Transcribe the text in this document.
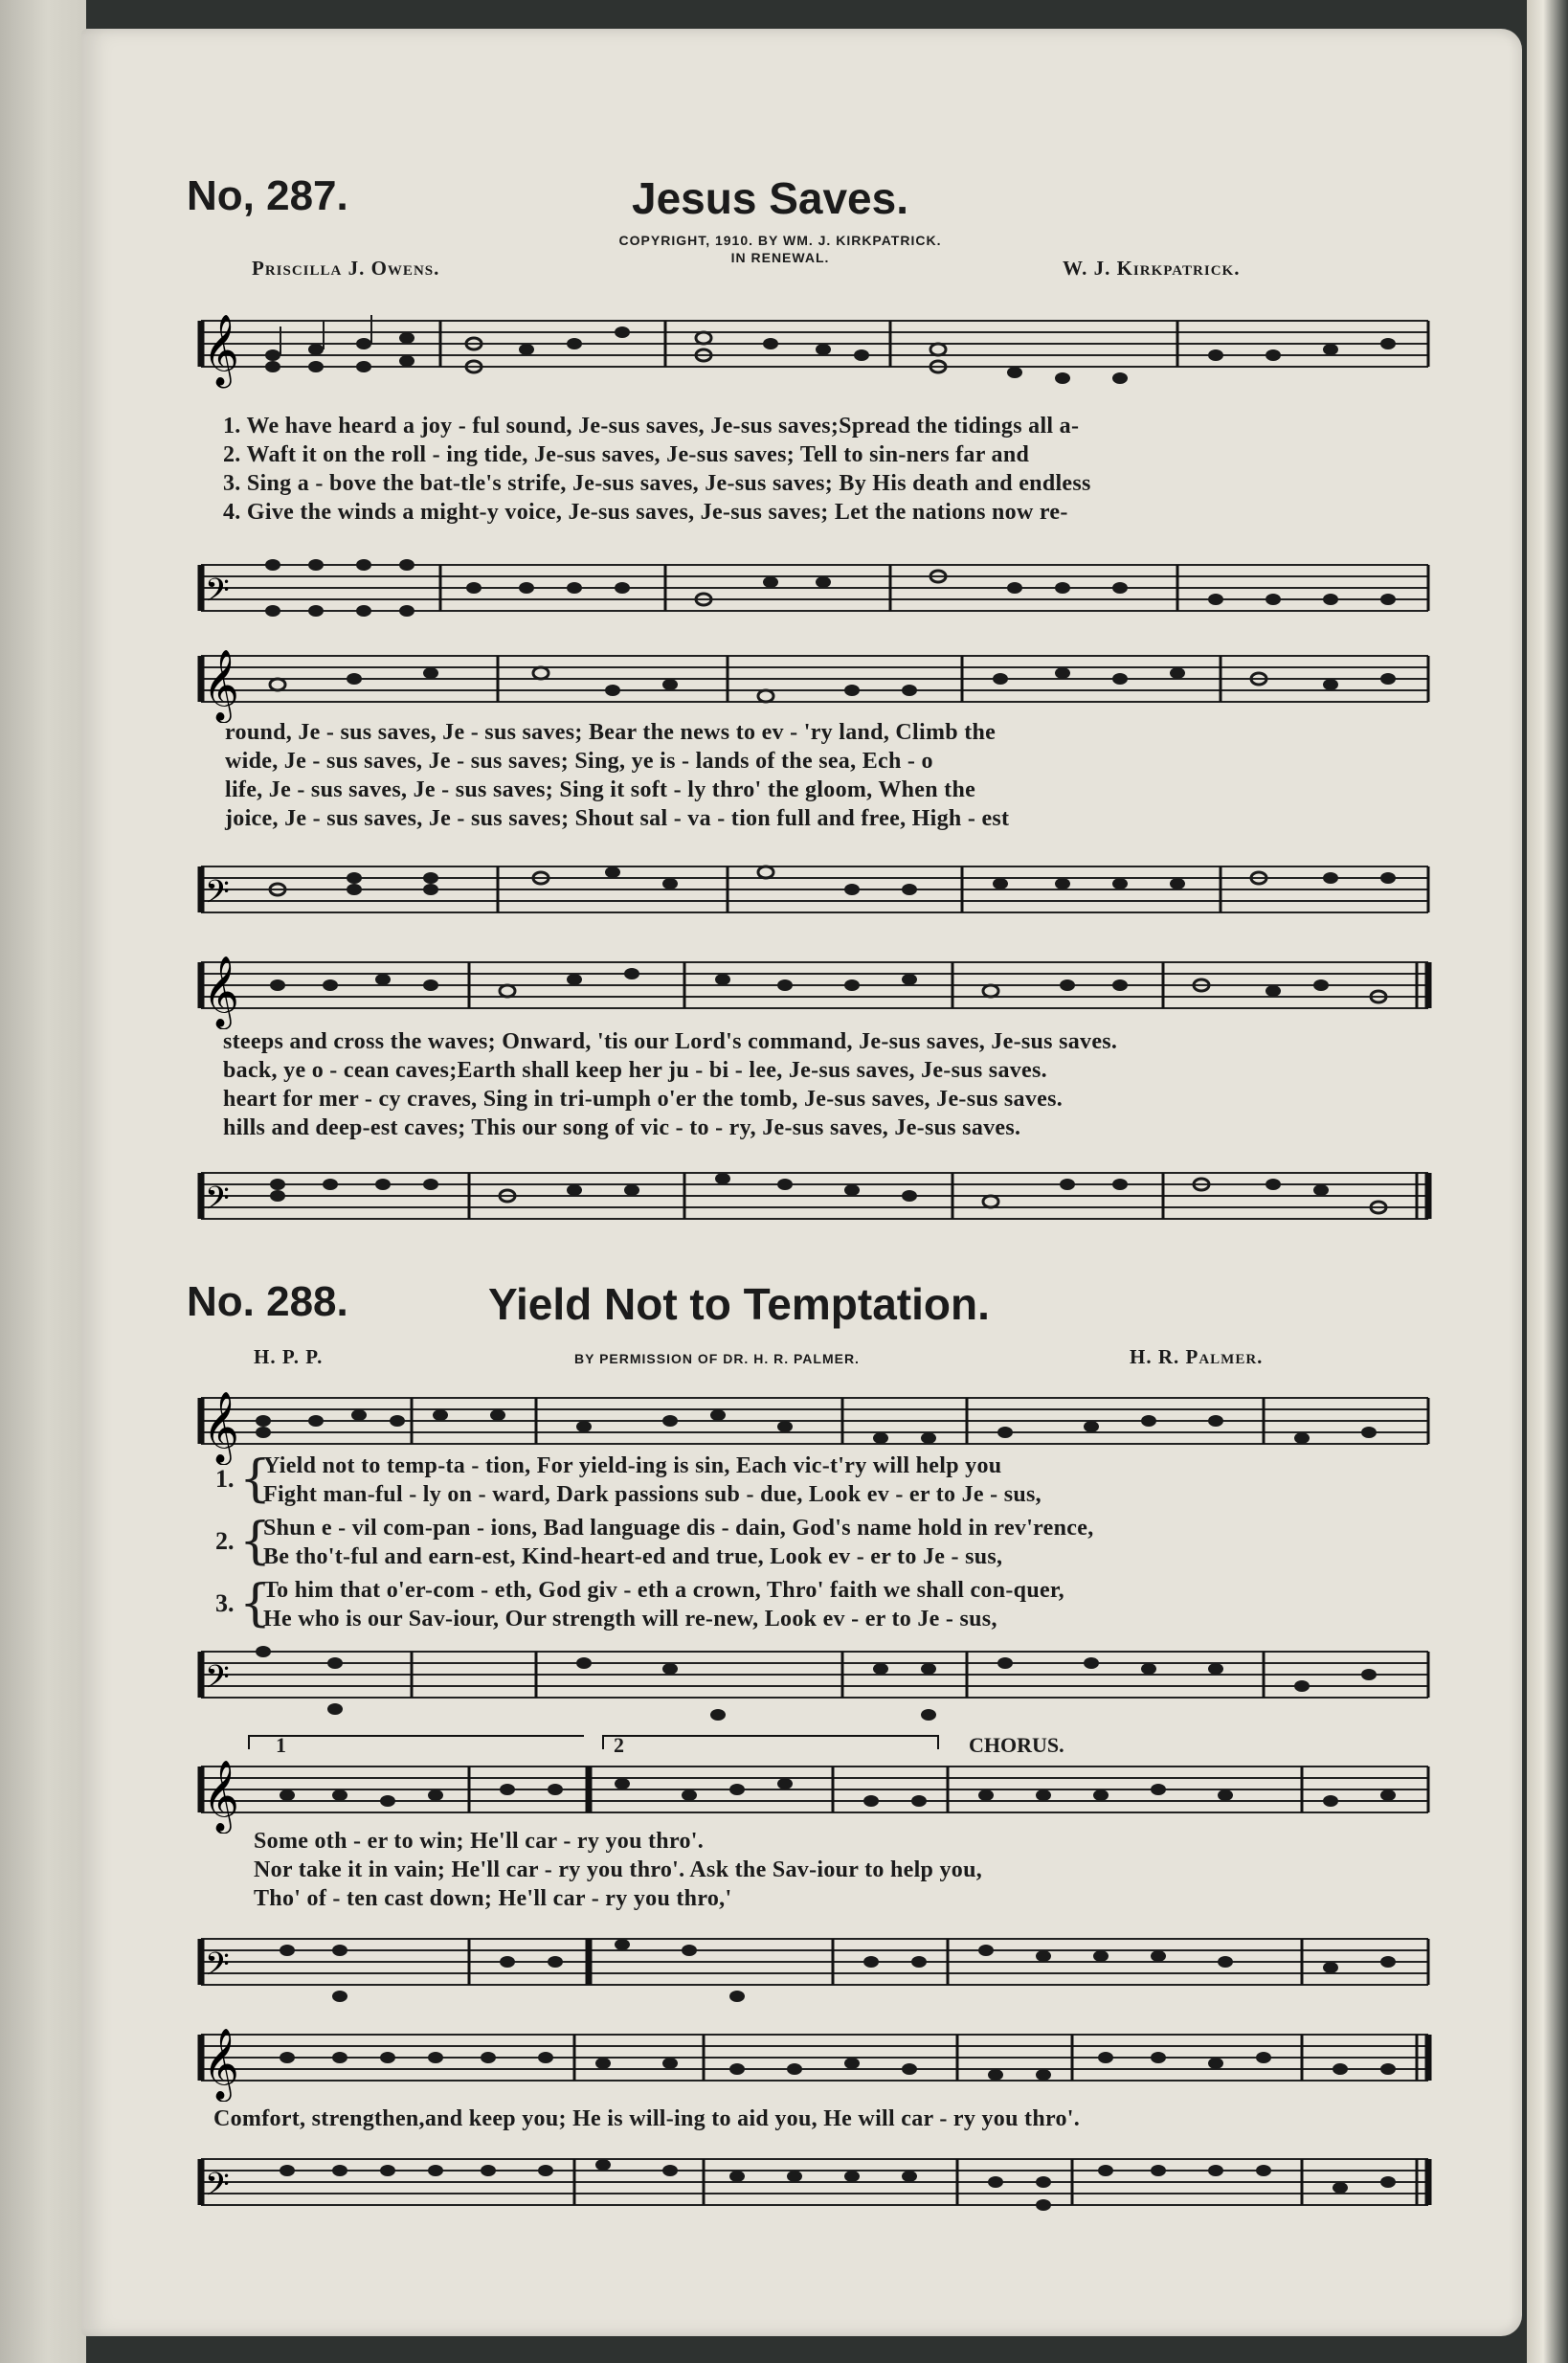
No, 287.	Jesus Saves.
COPYRIGHT, 1910. BY WM. J. KIRKPATRICK.
IN RENEWAL.
Priscilla J. Owens.	W. J. Kirkpatrick.
𝄞
1. We have heard a joy - ful sound, Je-sus saves, Je-sus saves;Spread the tidings all a-
2. Waft it on the roll - ing tide, Je-sus saves, Je-sus saves; Tell to sin-ners far and
3. Sing a - bove the bat-tle's strife, Je-sus saves, Je-sus saves; By His death and endless
4. Give the winds a might-y voice, Je-sus saves, Je-sus saves; Let the nations now re-
𝄢
𝄞
round, Je - sus saves, Je - sus saves; Bear the news to ev - 'ry land, Climb the
wide, Je - sus saves, Je - sus saves; Sing, ye is - lands of the sea, Ech - o
life, Je - sus saves, Je - sus saves; Sing it soft - ly thro' the gloom, When the
joice, Je - sus saves, Je - sus saves; Shout sal - va - tion full and free, High - est
𝄢
𝄞
steeps and cross the waves; Onward, 'tis our Lord's command, Je-sus saves, Je-sus saves.
back, ye o - cean caves;Earth shall keep her ju - bi - lee, Je-sus saves, Je-sus saves.
heart for mer - cy craves, Sing in tri-umph o'er the tomb, Je-sus saves, Je-sus saves.
hills and deep-est caves; This our song of vic - to - ry, Je-sus saves, Je-sus saves.
𝄢
No. 288.	Yield Not to Temptation.
H. P. P.	BY PERMISSION OF DR. H. R. PALMER.	H. R. Palmer.
𝄞
1.
2.
3.
{
{
{
Yield not to temp-ta - tion, For yield-ing is sin, Each vic-t'ry will help you
Fight man-ful - ly on - ward, Dark passions sub - due, Look ev - er to Je - sus,
Shun e - vil com-pan - ions, Bad language dis - dain, God's name hold in rev'rence,
Be tho't-ful and earn-est, Kind-heart-ed and true, Look ev - er to Je - sus,
To him that o'er-com - eth, God giv - eth a crown, Thro' faith we shall con-quer,
He who is our Sav-iour, Our strength will re-new, Look ev - er to Je - sus,
𝄢
1	2	CHORUS.
𝄞
Some oth - er to win; He'll car - ry you thro'.
Nor take it in vain; He'll car - ry you thro'. Ask the Sav-iour to help you,
Tho' of - ten cast down; He'll car - ry you thro,'
𝄢
𝄞
Comfort, strengthen,and keep you; He is will-ing to aid you, He will car - ry you thro'.
𝄢
